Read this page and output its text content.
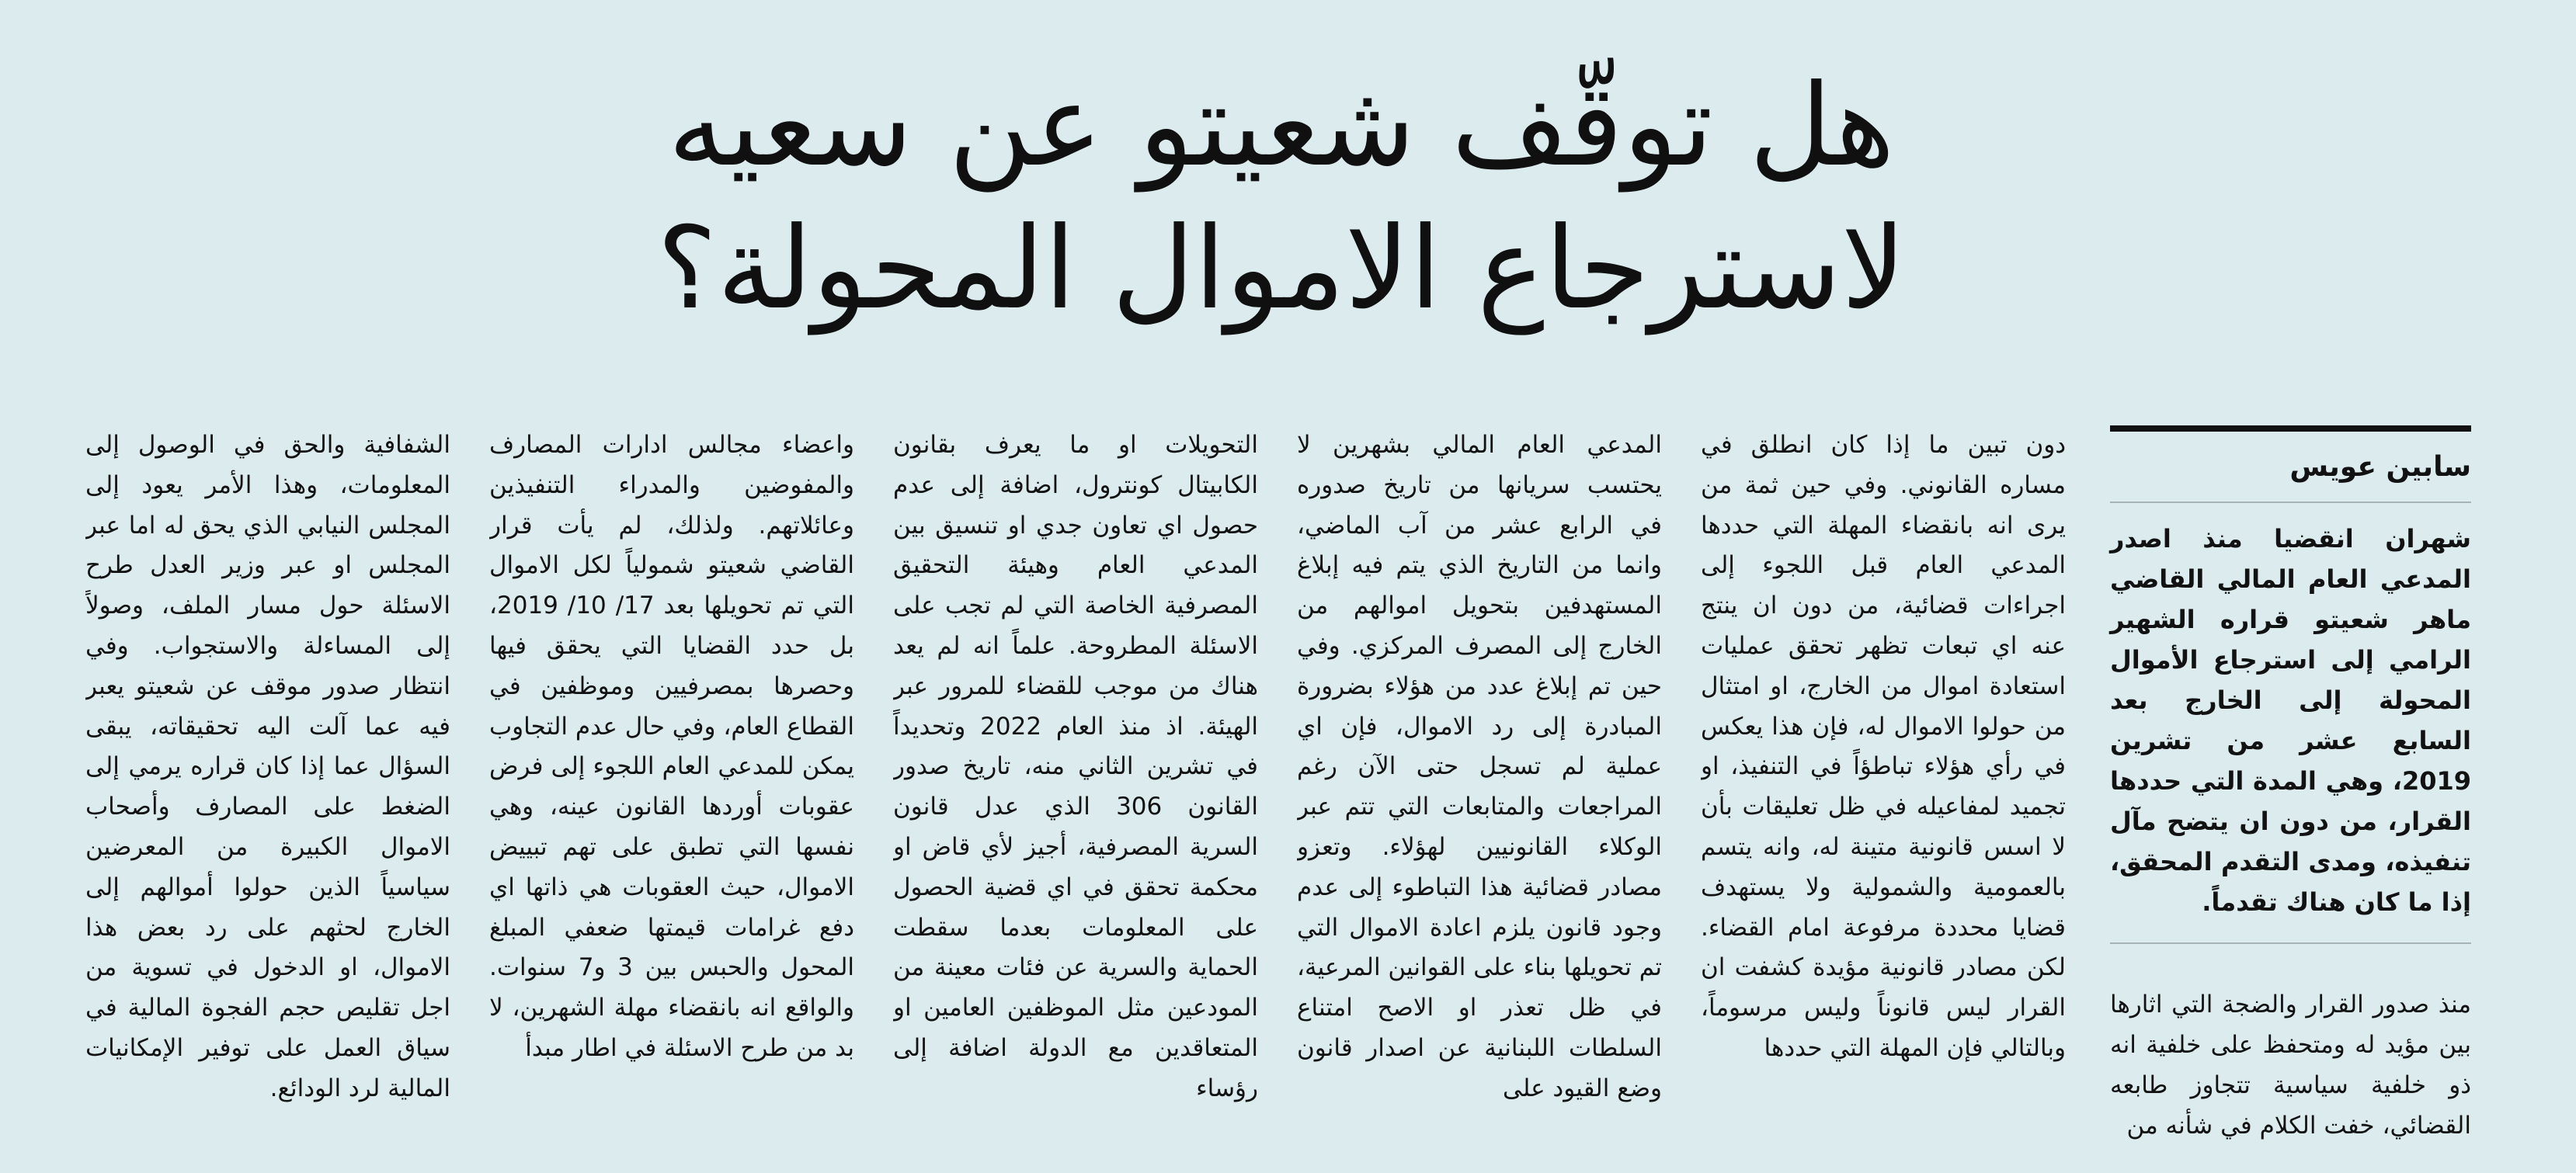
هل توقّف شعيتو عن سعيه
لاسترجاع الاموال المحولة؟
سابين عويس
شهران انقضيا منذ اصدر المدعي العام المالي القاضي ماهر شعيتو قراره الشهير الرامي إلى استرجاع الأموال المحولة إلى الخارج بعد السابع عشر من تشرين 2019، وهي المدة التي حددها القرار، من دون ان يتضح مآل تنفيذه، ومدى التقدم المحقق، إذا ما كان هناك تقدماً.
منذ صدور القرار والضجة التي اثارها بين مؤيد له ومتحفظ على خلفية انه ذو خلفية سياسية تتجاوز طابعه القضائي، خفت الكلام في شأنه من

دون تبين ما إذا كان انطلق في مساره القانوني. وفي حين ثمة من يرى انه بانقضاء المهلة التي حددها المدعي العام قبل اللجوء إلى اجراءات قضائية، من دون ان ينتج عنه اي تبعات تظهر تحقق عمليات استعادة اموال من الخارج، او امتثال من حولوا الاموال له، فإن هذا يعكس في رأي هؤلاء تباطؤاً في التنفيذ، او تجميد لمفاعيله في ظل تعليقات بأن لا اسس قانونية متينة له، وانه يتسم بالعمومية والشمولية ولا يستهدف قضايا محددة مرفوعة امام القضاء. لكن مصادر قانونية مؤيدة كشفت ان القرار ليس قانوناً وليس مرسوماً، وبالتالي فإن المهلة التي حددها

المدعي العام المالي بشهرين لا يحتسب سريانها من تاريخ صدوره في الرابع عشر من آب الماضي، وانما من التاريخ الذي يتم فيه إبلاغ المستهدفين بتحويل اموالهم من الخارج إلى المصرف المركزي. وفي حين تم إبلاغ عدد من هؤلاء بضرورة المبادرة إلى رد الاموال، فإن اي عملية لم تسجل حتى الآن رغم المراجعات والمتابعات التي تتم عبر الوكلاء القانونيين لهؤلاء. وتعزو مصادر قضائية هذا التباطوء إلى عدم وجود قانون يلزم اعادة الاموال التي تم تحويلها بناء على القوانين المرعية، في ظل تعذر او الاصح امتناع السلطات اللبنانية عن اصدار قانون وضع القيود على

التحويلات او ما يعرف بقانون الكابيتال كونترول، اضافة إلى عدم حصول اي تعاون جدي او تنسيق بين المدعي العام وهيئة التحقيق المصرفية الخاصة التي لم تجب على الاسئلة المطروحة. علماً انه لم يعد هناك من موجب للقضاء للمرور عبر الهيئة. اذ منذ العام 2022 وتحديداً في تشرين الثاني منه، تاريخ صدور القانون 306 الذي عدل قانون السرية المصرفية، أجيز لأي قاض او محكمة تحقق في اي قضية الحصول على المعلومات بعدما سقطت الحماية والسرية عن فئات معينة من المودعين مثل الموظفين العامين او المتعاقدين مع الدولة اضافة إلى رؤساء

واعضاء مجالس ادارات المصارف والمفوضين والمدراء التنفيذين وعائلاتهم. ولذلك، لم يأت قرار القاضي شعيتو شمولياً لكل الاموال التي تم تحويلها بعد 17/ 10/ 2019، بل حدد القضايا التي يحقق فيها وحصرها بمصرفيين وموظفين في القطاع العام، وفي حال عدم التجاوب يمكن للمدعي العام اللجوء إلى فرض عقوبات أوردها القانون عينه، وهي نفسها التي تطبق على تهم تبييض الاموال، حيث العقوبات هي ذاتها اي دفع غرامات قيمتها ضعفي المبلغ المحول والحبس بين 3 و7 سنوات. والواقع انه بانقضاء مهلة الشهرين، لا بد من طرح الاسئلة في اطار مبدأ

الشفافية والحق في الوصول إلى المعلومات، وهذا الأمر يعود إلى المجلس النيابي الذي يحق له اما عبر المجلس او عبر وزير العدل طرح الاسئلة حول مسار الملف، وصولاً إلى المساءلة والاستجواب. وفي انتظار صدور موقف عن شعيتو يعبر فيه عما آلت اليه تحقيقاته، يبقى السؤال عما إذا كان قراره يرمي إلى الضغط على المصارف وأصحاب الاموال الكبيرة من المعرضين سياسياً الذين حولوا أموالهم إلى الخارج لحثهم على رد بعض هذا الاموال، او الدخول في تسوية من اجل تقليص حجم الفجوة المالية في سياق العمل على توفير الإمكانيات المالية لرد الودائع.
